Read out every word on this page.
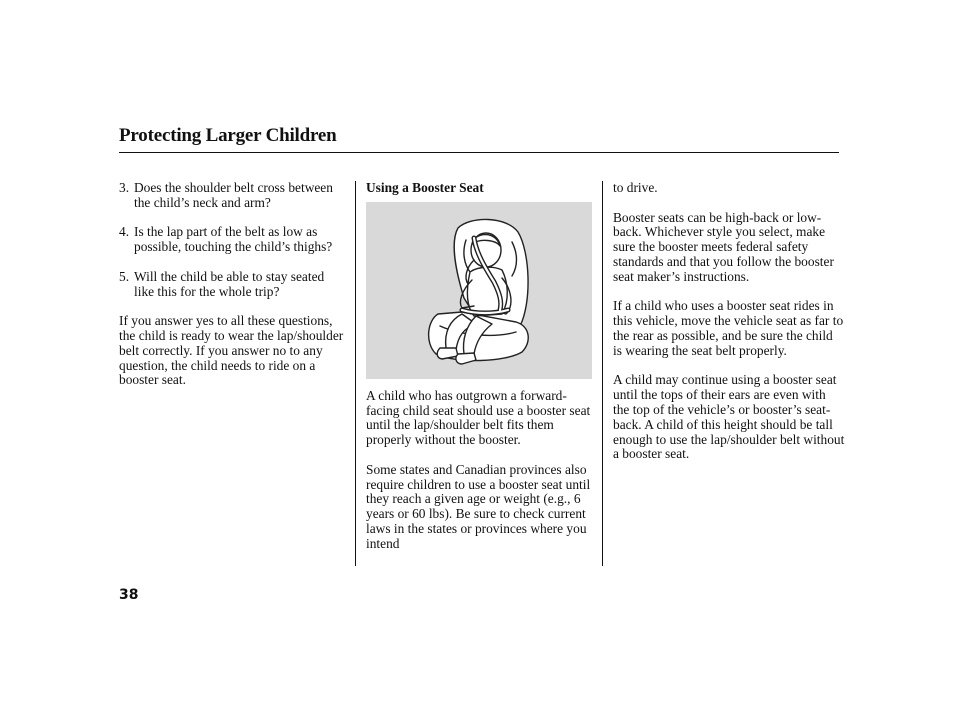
Protecting Larger Children

3. Does the shoulder belt cross between the child’s neck and arm?

4. Is the lap part of the belt as low as possible, touching the child’s thighs?

5. Will the child be able to stay seated like this for the whole trip?

If you answer yes to all these questions, the child is ready to wear the lap/shoulder belt correctly. If you answer no to any question, the child needs to ride on a booster seat.

Using a Booster Seat

A child who has outgrown a forward-facing child seat should use a booster seat until the lap/shoulder belt fits them properly without the booster.

Some states and Canadian provinces also require children to use a booster seat until they reach a given age or weight (e.g., 6 years or 60 lbs). Be sure to check current laws in the states or provinces where you intend

to drive.

Booster seats can be high-back or low-back. Whichever style you select, make sure the booster meets federal safety standards and that you follow the booster seat maker’s instructions.

If a child who uses a booster seat rides in this vehicle, move the vehicle seat as far to the rear as possible, and be sure the child is wearing the seat belt properly.

A child may continue using a booster seat until the tops of their ears are even with the top of the vehicle’s or booster’s seat-back. A child of this height should be tall enough to use the lap/shoulder belt without a booster seat.

38
